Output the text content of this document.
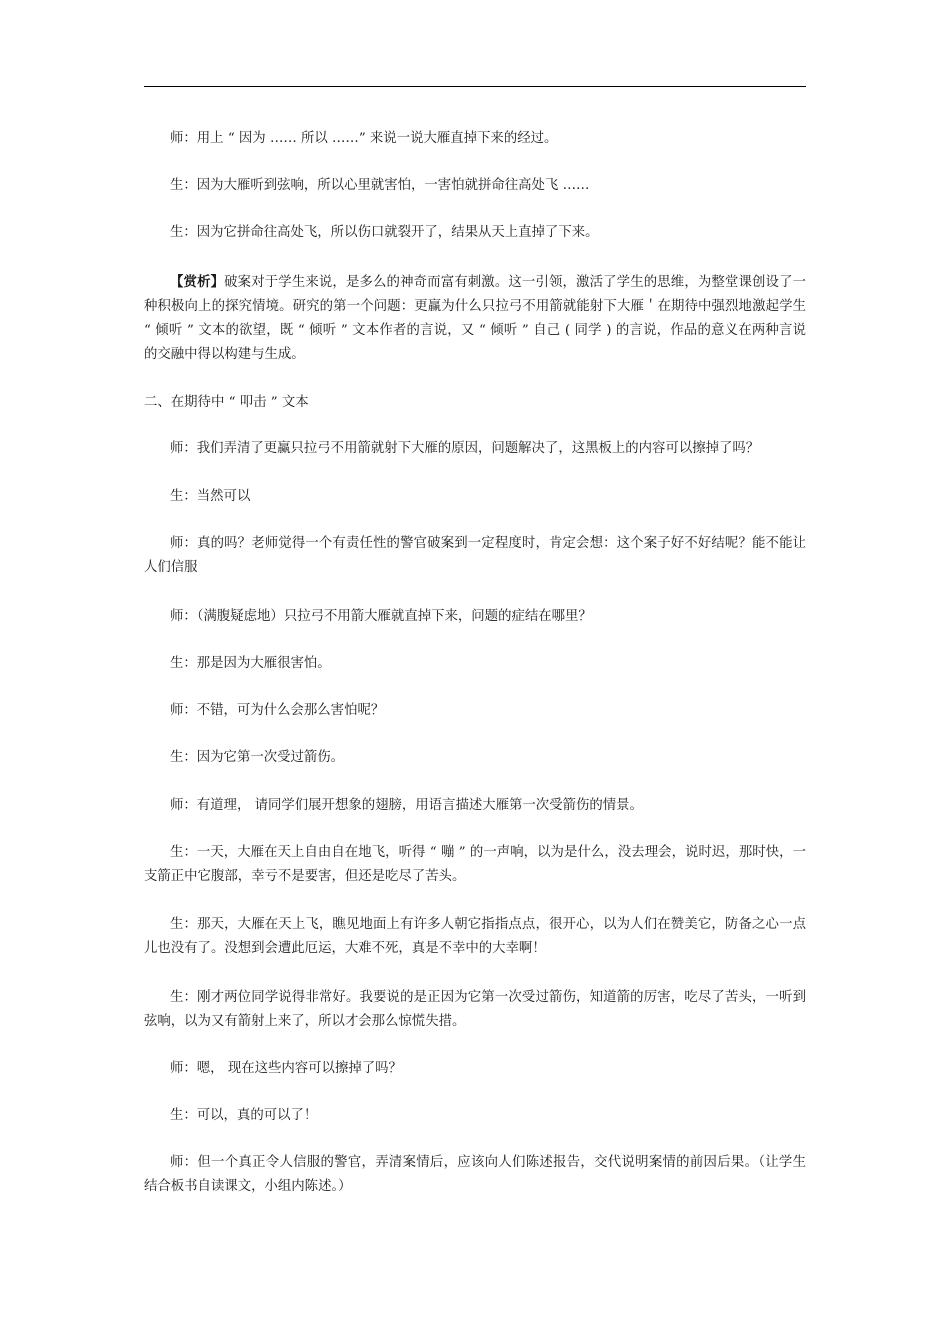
师：用上 “ 因为 …… 所以 ……” 来说一说大雁直掉下来的经过。

生：因为大雁听到弦响，所以心里就害怕，一害怕就拼命往高处飞 ……

生：因为它拼命往高处飞，所以伤口就裂开了，结果从天上直掉了下来。

【赏析】破案对于学生来说，是多么的神奇而富有刺激。这一引领，激活了学生的思维，为整堂课创设了一种积极向上的探究情境。研究的第一个问题：更赢为什么只拉弓不用箭就能射下大雁＇在期待中强烈地激起学生 “ 倾听 ” 文本的欲望，既 “ 倾听 ” 文本作者的言说，又 “ 倾听 ” 自己 ( 同学 ) 的言说，作品的意义在两种言说的交融中得以构建与生成。

二、在期待中 “ 叩击 ” 文本

师：我们弄清了更赢只拉弓不用箭就射下大雁的原因，问题解决了，这黑板上的内容可以擦掉了吗？

生：当然可以

师：真的吗？老师觉得一个有责任性的警官破案到一定程度时，肯定会想：这个案子好不好结呢？能不能让人们信服

师：（满腹疑虑地）只拉弓不用箭大雁就直掉下来，问题的症结在哪里？

生：那是因为大雁很害怕。

师：不错，可为什么会那么害怕呢？

生：因为它第一次受过箭伤。

师：有道理， 请同学们展开想象的翅膀，用语言描述大雁第一次受箭伤的情景。

生：一天，大雁在天上自由自在地飞，听得 “ 嘣 ” 的一声响，以为是什么，没去理会，说时迟，那时快，一支箭正中它腹部，幸亏不是要害，但还是吃尽了苦头。

生：那天，大雁在天上飞，瞧见地面上有许多人朝它指指点点，很开心，以为人们在赞美它，防备之心一点儿也没有了。没想到会遭此厄运，大难不死，真是不幸中的大幸啊！

生：刚才两位同学说得非常好。我要说的是正因为它第一次受过箭伤，知道箭的厉害，吃尽了苦头，一听到弦响，以为又有箭射上来了，所以才会那么惊慌失措。

师：嗯， 现在这些内容可以擦掉了吗？

生：可以，真的可以了！

师：但一个真正令人信服的警官，弄清案情后，应该向人们陈述报告，交代说明案情的前因后果。（让学生结合板书自读课文，小组内陈述。）
